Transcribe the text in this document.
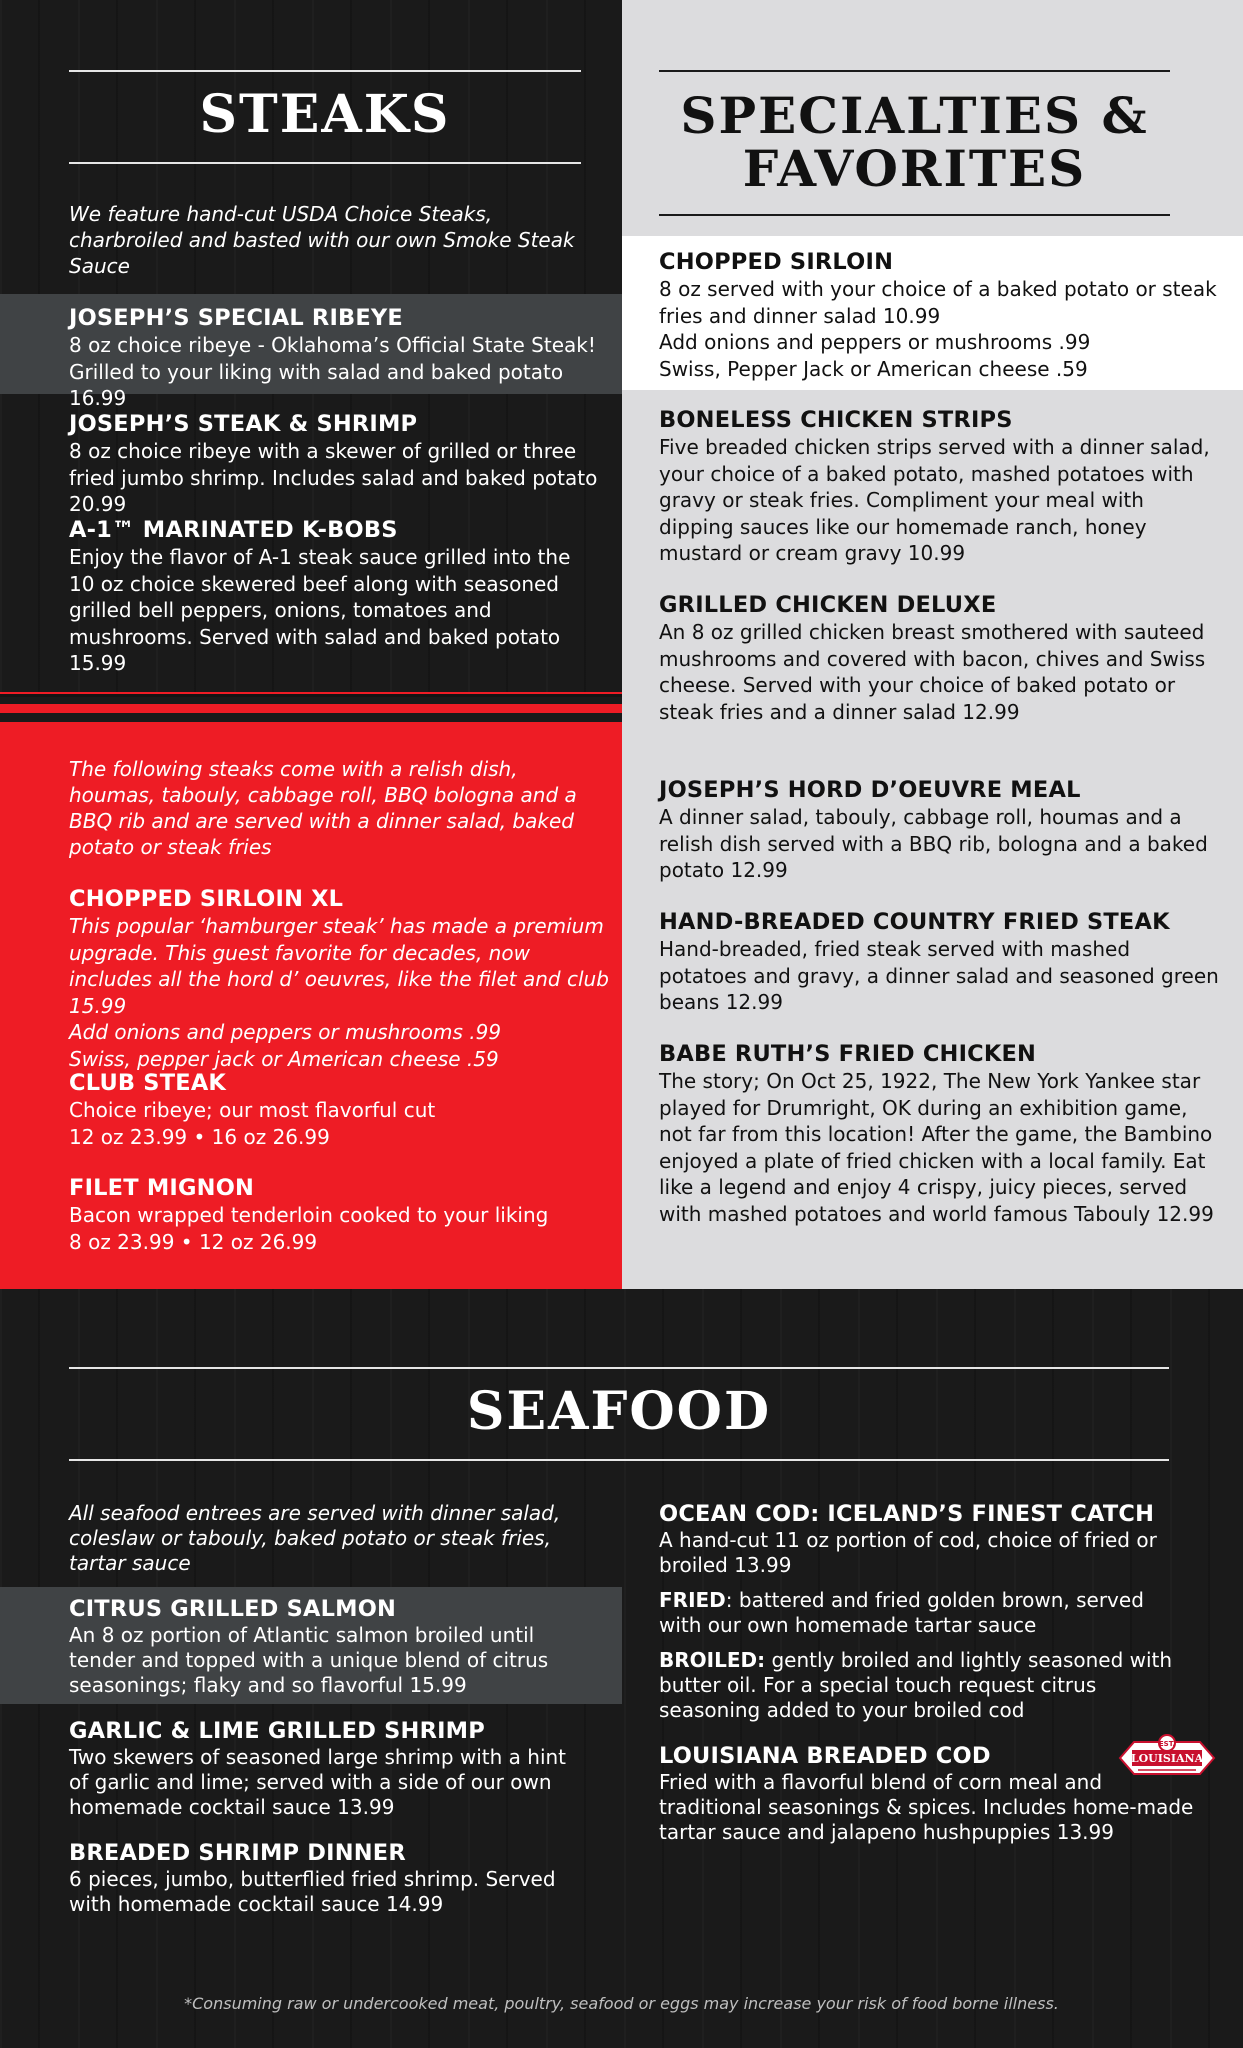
STEAKS

We feature hand-cut USDA Choice Steaks, charbroiled and basted with our own Smoke Steak Sauce

JOSEPH’S SPECIAL RIBEYE
8 oz choice ribeye - Oklahoma’s Official State Steak! Grilled to your liking with salad and baked potato 16.99
JOSEPH’S STEAK & SHRIMP
8 oz choice ribeye with a skewer of grilled or three fried jumbo shrimp. Includes salad and baked potato 20.99
A-1™ MARINATED K-BOBS
Enjoy the flavor of A-1 steak sauce grilled into the 10 oz choice skewered beef along with seasoned grilled bell peppers, onions, tomatoes and mushrooms. Served with salad and baked potato 15.99

The following steaks come with a relish dish, houmas, tabouly, cabbage roll, BBQ bologna and a BBQ rib and are served with a dinner salad, baked potato or steak fries

CHOPPED SIRLOIN XL
This popular ‘hamburger steak’ has made a premium upgrade. This guest favorite for decades, now includes all the hord d’ oeuvres, like the filet and club 15.99
Add onions and peppers or mushrooms .99
Swiss, pepper jack or American cheese .59
CLUB STEAK
Choice ribeye; our most flavorful cut
12 oz 23.99 • 16 oz 26.99
FILET MIGNON
Bacon wrapped tenderloin cooked to your liking
8 oz 23.99 • 12 oz 26.99
SPECIALTIES &
FAVORITES
CHOPPED SIRLOIN
8 oz served with your choice of a baked potato or steak fries and dinner salad 10.99
Add onions and peppers or mushrooms .99
Swiss, Pepper Jack or American cheese .59
BONELESS CHICKEN STRIPS
Five breaded chicken strips served with a dinner salad, your choice of a baked potato, mashed potatoes with gravy or steak fries. Compliment your meal with dipping sauces like our homemade ranch, honey mustard or cream gravy 10.99
GRILLED CHICKEN DELUXE
An 8 oz grilled chicken breast smothered with sauteed mushrooms and covered with bacon, chives and Swiss cheese. Served with your choice of baked potato or steak fries and a dinner salad 12.99
JOSEPH’S HORD D’OEUVRE MEAL
A dinner salad, tabouly, cabbage roll, houmas and a relish dish served with a BBQ rib, bologna and a baked potato 12.99
HAND-BREADED COUNTRY FRIED STEAK
Hand-breaded, fried steak served with mashed potatoes and gravy, a dinner salad and seasoned green beans 12.99
BABE RUTH’S FRIED CHICKEN
The story; On Oct 25, 1922, The New York Yankee star played for Drumright, OK during an exhibition game, not far from this location! After the game, the Bambino enjoyed a plate of fried chicken with a local family. Eat like a legend and enjoy 4 crispy, juicy pieces, served with mashed potatoes and world famous Tabouly 12.99
SEAFOOD

All seafood entrees are served with dinner salad, coleslaw or tabouly, baked potato or steak fries, tartar sauce

CITRUS GRILLED SALMON
An 8 oz portion of Atlantic salmon broiled until tender and topped with a unique blend of citrus seasonings; flaky and so flavorful 15.99
GARLIC & LIME GRILLED SHRIMP
Two skewers of seasoned large shrimp with a hint of garlic and lime; served with a side of our own homemade cocktail sauce 13.99
BREADED SHRIMP DINNER
6 pieces, jumbo, butterflied fried shrimp. Served with homemade cocktail sauce 14.99
OCEAN COD: ICELAND’S FINEST CATCH
A hand-cut 11 oz portion of cod, choice of fried or broiled 13.99
FRIED: battered and fried golden brown, served with our own homemade tartar sauce
BROILED: gently broiled and lightly seasoned with butter oil. For a special touch request citrus seasoning added to your broiled cod
LOUISIANA BREADED COD
Fried with a flavorful blend of corn meal and traditional seasonings & spices. Includes home-made tartar sauce and jalapeno hushpuppies 13.99
EST.
LOUISIANA
*Consuming raw or undercooked meat, poultry, seafood or eggs may increase your risk of food borne illness.
